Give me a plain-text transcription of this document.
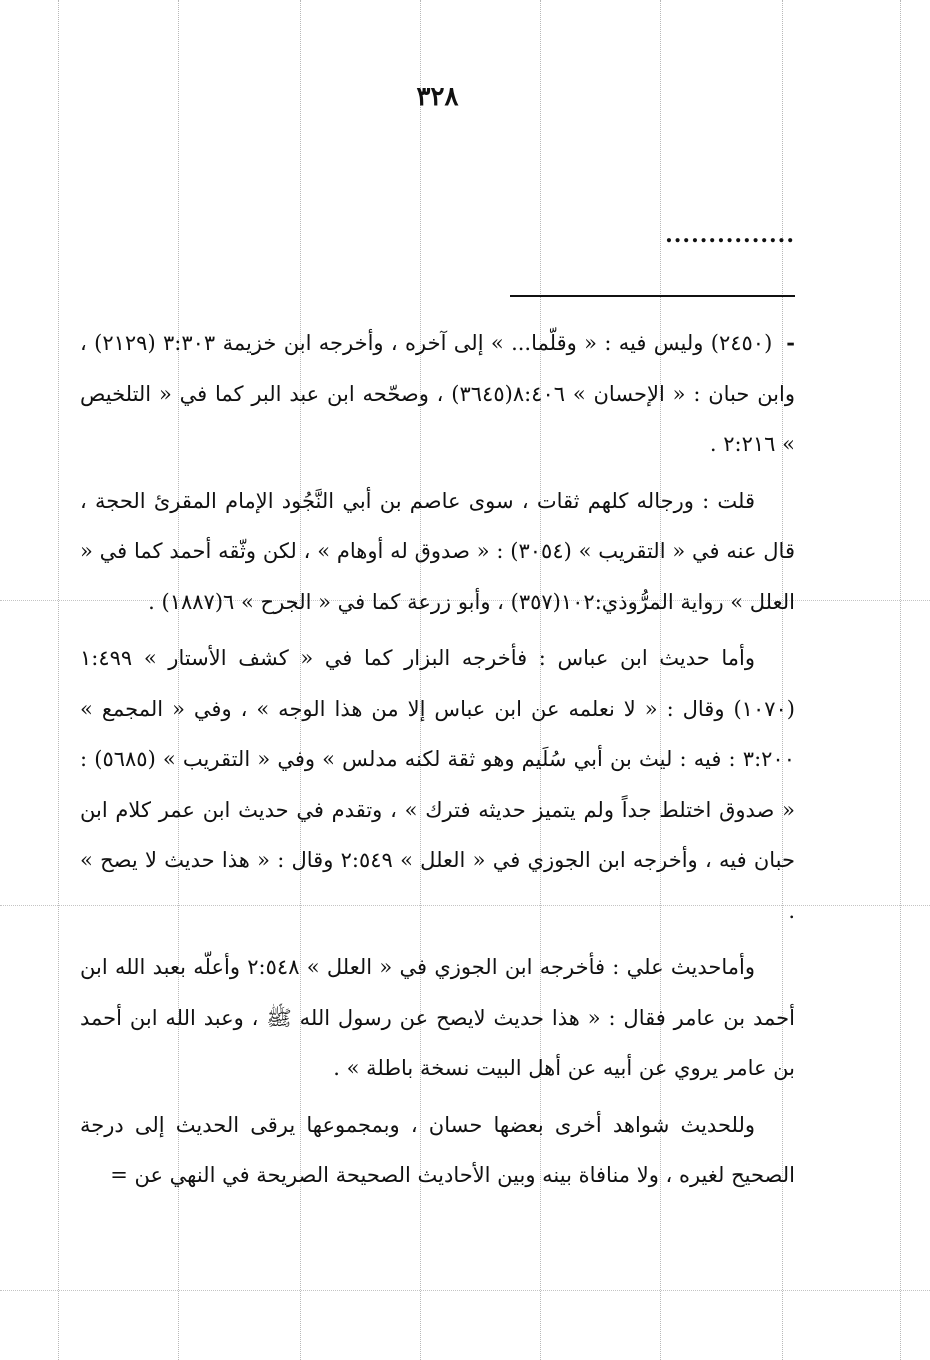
٣٢٨
...............

-(٢٤٥٠) وليس فيه : « وقلّما... » إلى آخره ، وأخرجه ابن خزيمة ٣:٣٠٣ (٢١٢٩) ، وابن حبان : « الإحسان » ٨:٤٠٦(٣٦٤٥) ، وصحّحه ابن عبد البر كما في « التلخيص » ٢:٢١٦ .

قلت : ورجاله كلهم ثقات ، سوى عاصم بن أبي النَّجُود الإمام المقرئ الحجة ، قال عنه في « التقريب » (٣٠٥٤) : « صدوق له أوهام » ، لكن وثّقه أحمد كما في « العلل » رواية المرُّوذي:١٠٢(٣٥٧) ، وأبو زرعة كما في « الجرح » ٦(١٨٨٧) .

وأما حديث ابن عباس : فأخرجه البزار كما في « كشف الأستار » ١:٤٩٩ (١٠٧٠) وقال : « لا نعلمه عن ابن عباس إلا من هذا الوجه » ، وفي « المجمع » ٣:٢٠٠ : فيه : ليث بن أبي سُلَيم وهو ثقة لكنه مدلس » وفي « التقريب » (٥٦٨٥) : « صدوق اختلط جداً ولم يتميز حديثه فترك » ، وتقدم في حديث ابن عمر كلام ابن حبان فيه ، وأخرجه ابن الجوزي في « العلل » ٢:٥٤٩ وقال : « هذا حديث لا يصح » .

وأماحديث علي : فأخرجه ابن الجوزي في « العلل » ٢:٥٤٨ وأعلّه بعبد الله ابن أحمد بن عامر فقال : « هذا حديث لايصح عن رسول الله ﷺ ، وعبد الله ابن أحمد بن عامر يروي عن أبيه عن أهل البيت نسخة باطلة » .

وللحديث شواهد أخرى بعضها حسان ، وبمجموعها يرقى الحديث إلى درجة الصحيح لغيره ، ولا منافاة بينه وبين الأحاديث الصحيحة الصريحة في النهي عن =
